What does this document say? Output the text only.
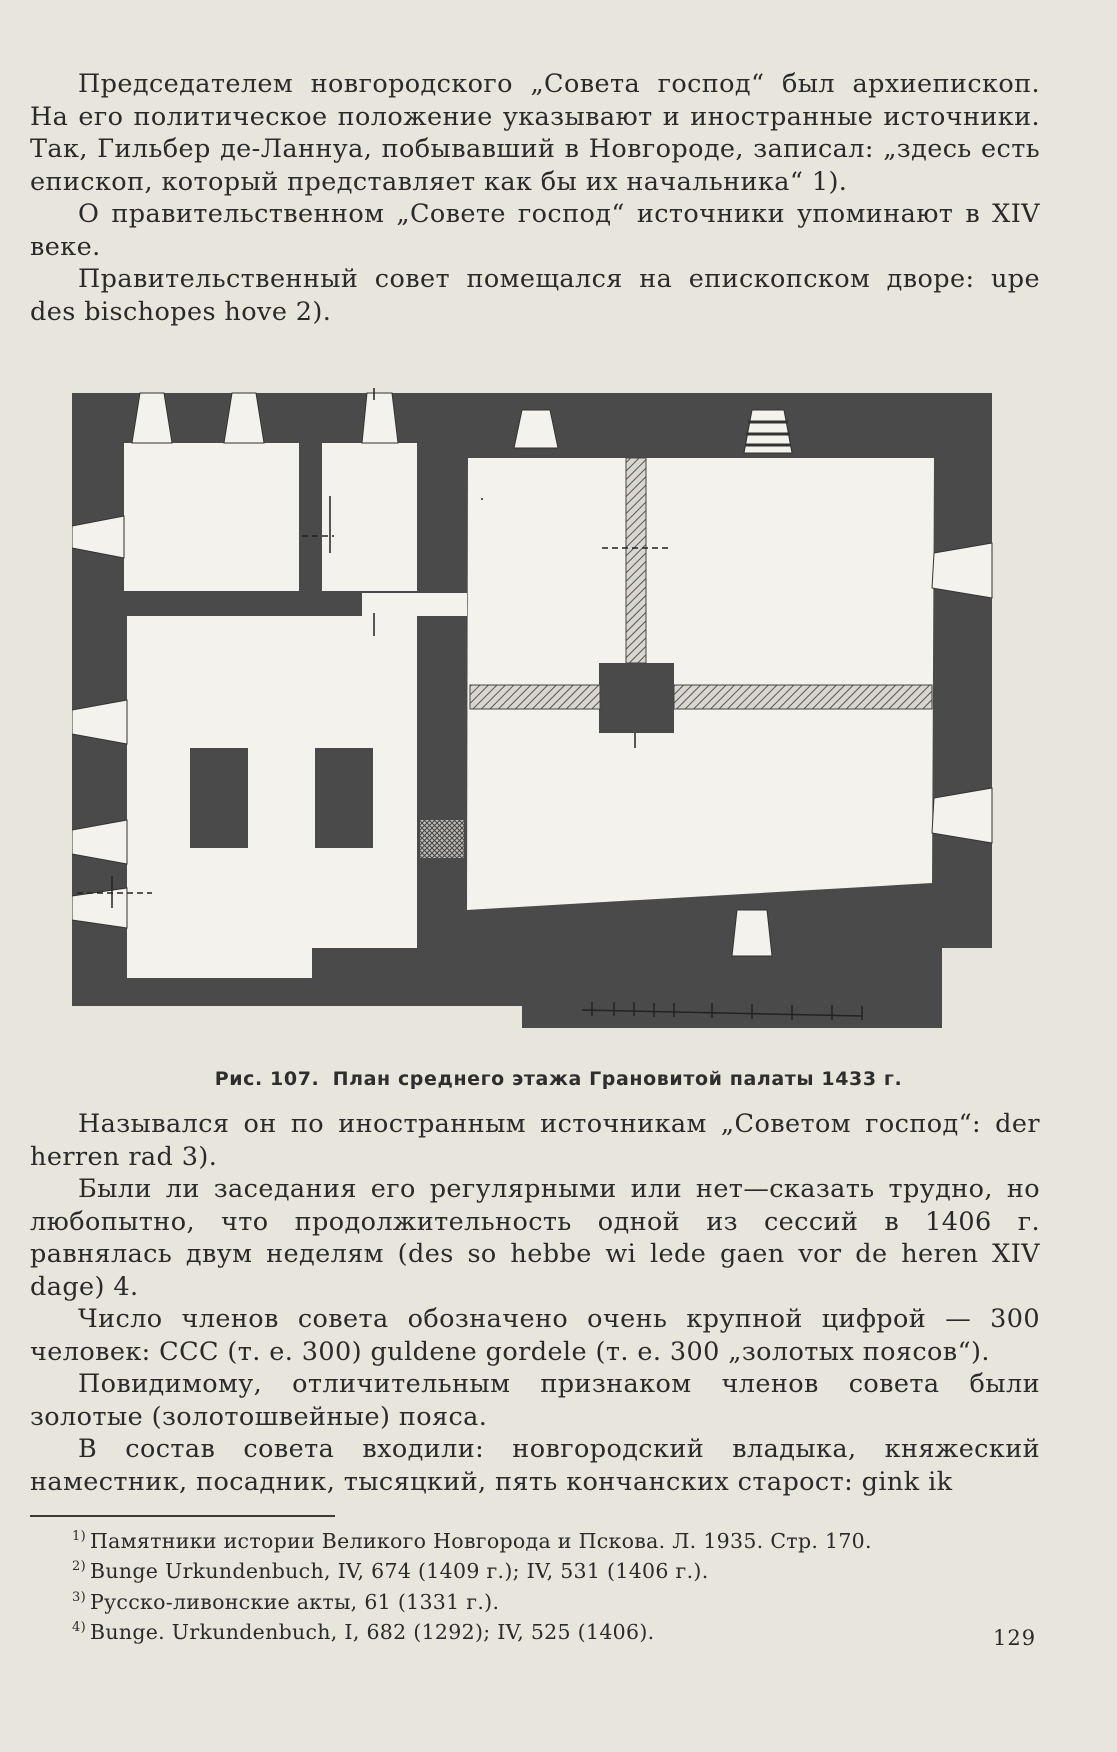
Председателем новгородского „Совета господ“ был архиепископ. На его политическое положение указывают и иностранные источники. Так, Гильбер де-Ланнуа, побывавший в Новгороде, записал: „здесь есть епископ, который представляет как бы их начальника“ 1).

О правительственном „Совете господ“ источники упоминают в XIV веке.

Правительственный совет помещался на епископском дворе: upe des bischopes hove 2).

Рис. 107. План среднего этажа Грановитой палаты 1433 г.

Назывался он по иностранным источникам „Советом господ“: der herren rad 3).

Были ли заседания его регулярными или нет—сказать трудно, но любопытно, что продолжительность одной из сессий в 1406 г. равнялась двум неделям (des so hebbe wi lede gaen vor de heren XIV dage) 4.

Число членов совета обозначено очень крупной цифрой — 300 человек: CCC (т. е. 300) guldene gordele (т. е. 300 „золотых поясов“).

Повидимому, отличительным признаком членов совета были золотые (золотошвейные) пояса.

В состав совета входили: новгородский владыка, княжеский наместник, посадник, тысяцкий, пять кончанских старост: gink ik

$^{1)}$ Памятники истории Великого Новгорода и Пскова. Л. 1935. Стр. 170.
$^{2)}$ Bunge Urkundenbuch, IV, 674 (1409 г.); IV, 531 (1406 г.).
$^{3)}$ Русско-ливонские акты, 61 (1331 г.).
$^{4)}$ Bunge. Urkundenbuch, I, 682 (1292); IV, 525 (1406).	129
